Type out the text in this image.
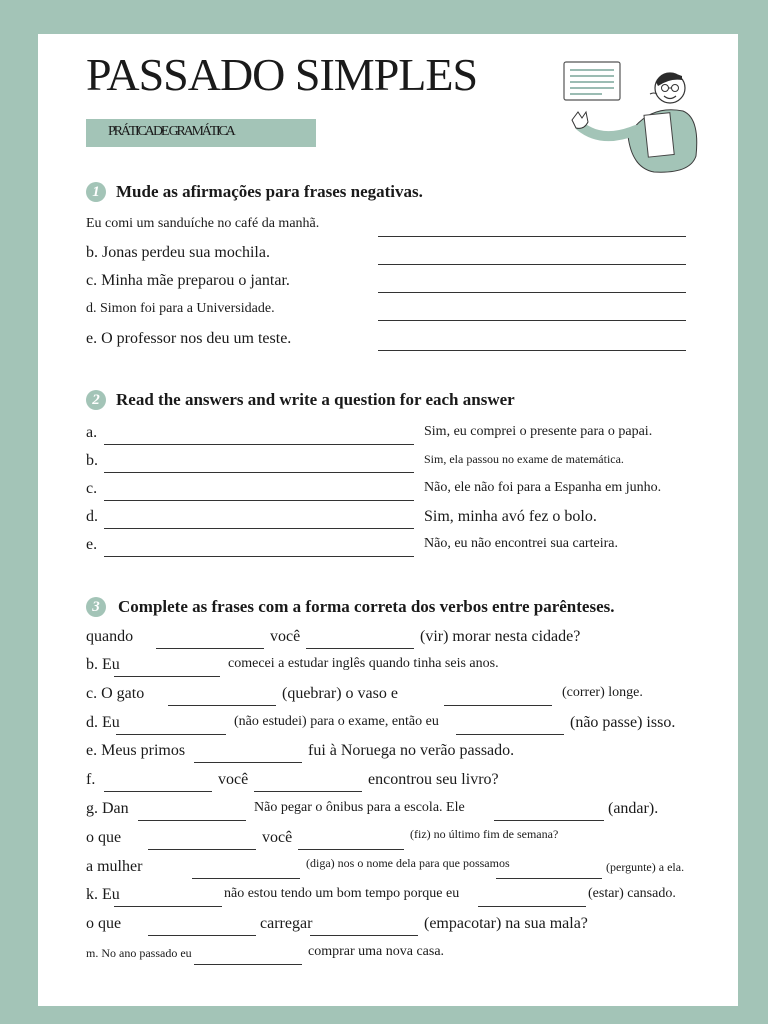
PASSADO SIMPLES
PRÁTICA DE GRAMÁTICA
1 Mude as afirmações para frases negativas.
Eu comi um sanduíche no café da manhã.
b. Jonas perdeu sua mochila.
c. Minha mãe preparou o jantar.
d. Simon foi para a Universidade.
e. O professor nos deu um teste.
2 Read the answers and write a question for each answer
a.	Sim, eu comprei o presente para o papai.
b.	Sim, ela passou no exame de matemática.
c.	Não, ele não foi para a Espanha em junho.
d.	Sim, minha avó fez o bolo.
e.	Não, eu não encontrei sua carteira.
3	Complete as frases com a forma correta dos verbos entre parênteses.
quando	você	(vir) morar nesta cidade?
b. Eu	comecei a estudar inglês quando tinha seis anos.
c. O gato	(quebrar) o vaso e	(correr) longe.
d. Eu	(não estudei) para o exame, então eu	(não passe) isso.
e. Meus primos	fui à Noruega no verão passado.
f.	você	encontrou seu livro?
g. Dan	Não pegar o ônibus para a escola. Ele	(andar).
o que	você	(fiz) no último fim de semana?
a mulher	(diga) nos o nome dela para que possamos	(pergunte) a ela.
k. Eu	não estou tendo um bom tempo porque eu	(estar) cansado.
o que	carregar	(empacotar) na sua mala?
m. No ano passado eu	comprar uma nova casa.
